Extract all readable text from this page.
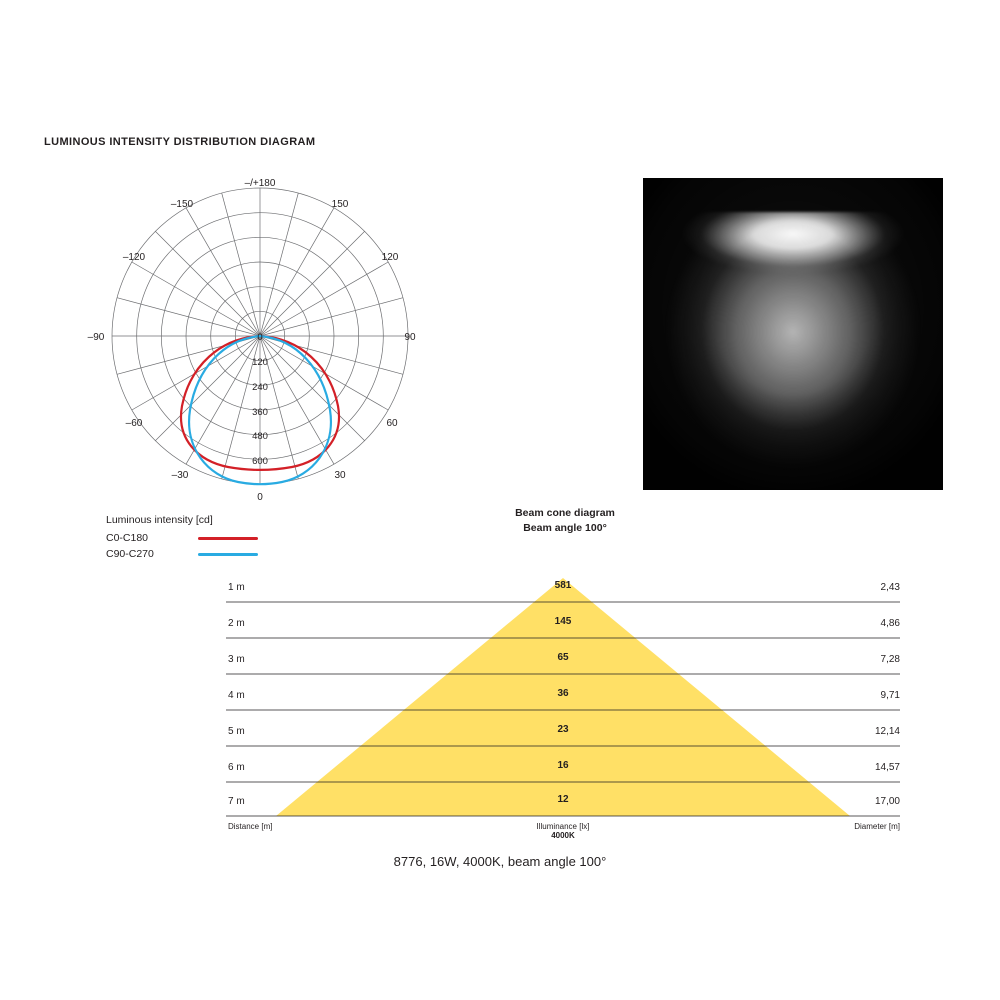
LUMINOUS INTENSITY DISTRIBUTION DIAGRAM
–/+180
–150	150
–120	120
–90	90
–60	60
–30	30
0
0
120
240
360
480
600
Luminous intensity [cd]
C0-C180
C90-C270
Beam cone diagram
Beam angle 100°
1 m	581	2,43
2 m	145	4,86
3 m	65	7,28
4 m	36	9,71
5 m	23	12,14
6 m	16	14,57
7 m	12	17,00
Distance [m]	Illuminance [lx]
4000K
Diameter [m]
8776, 16W, 4000K, beam angle 100°
